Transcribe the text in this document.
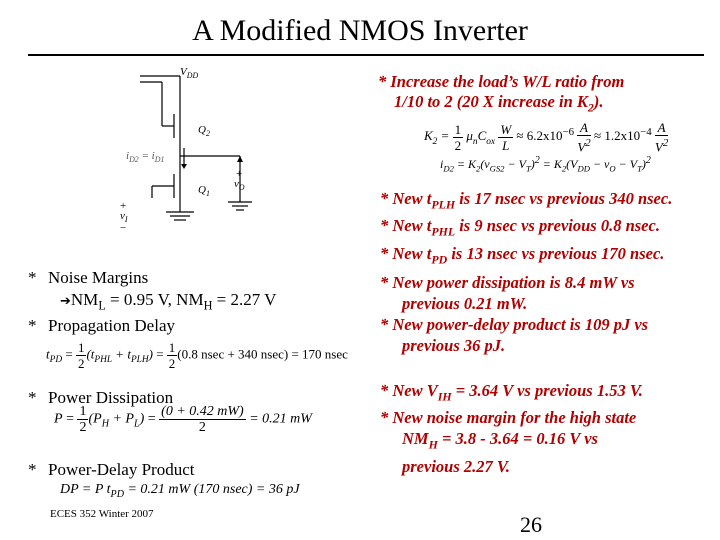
A Modified NMOS Inverter
$V_{DD}$
$Q_2$
$Q_1$
$i_{D2} = i_{D1}$
+
$v_I$
−
+
$v_O$
* Increase the load’s W/L ratio from
1/10 to 2 (20 X increase in $K_2$).
$K_2 = \frac{1}{2} \mu_nC_{ox} \frac{W}{L} \approx 6.2x10^{-6} \frac{A}{V^2} \approx 1.2x10^{-4} \frac{A}{V^2}$
$i_{D2} = K_2(v_{GS2} - V_T)^2 = K_2(V_{DD} - v_O - V_T)^2$
* New $t_{PLH}$ is 17 nsec vs previous 340 nsec.
* New $t_{PHL}$ is 9 nsec vs previous 0.8 nsec.
* New $t_{PD}$ is 13 nsec vs previous 170 nsec.
* Noise Margins
$➔NM_L = 0.95$ V, $NM_H = 2.27$ V
* Propagation Delay
$t_{PD} = \frac{1}{2} (t_{PHL} + t_{PLH}) = \frac{1}{2} (0.8$ nsec + 340 nsec) = 170 nsec
* Power Dissipation
$P = \frac{1}{2} (P_H + P_L) = \frac{(0 + 0.42 mW)}{2} = 0.21$ mW
* Power-Delay Product
DP = P $t_{PD} = 0.21$ mW (170 nsec) = 36 pJ
* New power dissipation is 8.4 mW vs
previous 0.21 mW.
* New power-delay product is 109 pJ vs
previous 36 pJ.
* New $V_{IH} = 3.64$ V vs previous 1.53 V.
* New noise margin for the high state
$NM_H = 3.8 - 3.64 = 0.16$ V vs
previous 2.27 V.
ECES 352 Winter 2007	26
